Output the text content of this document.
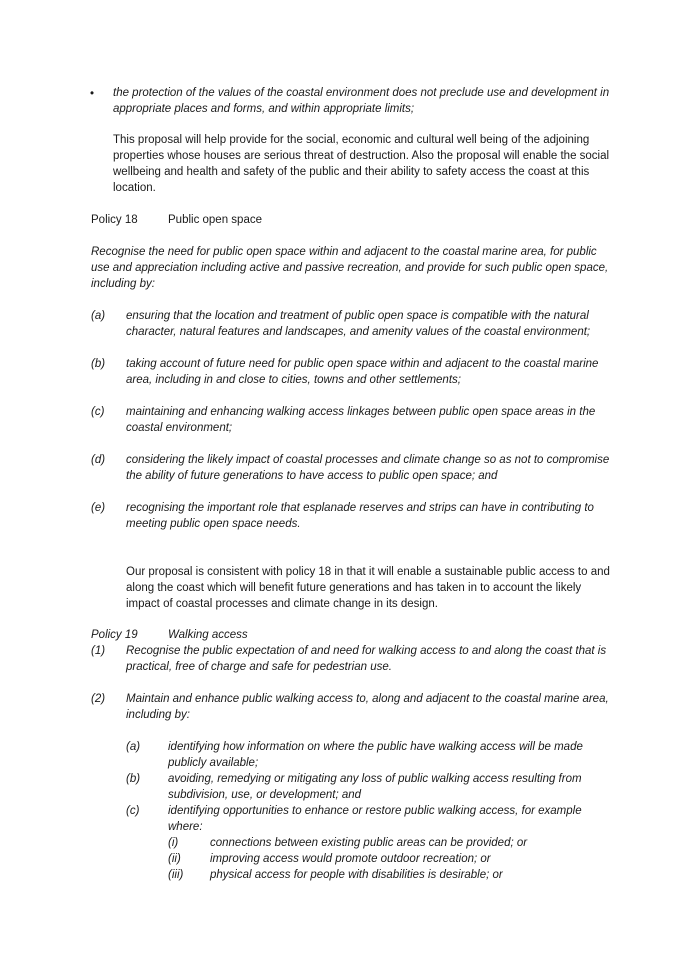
•	the protection of the values of the coastal environment does not preclude use and development in appropriate places and forms, and within appropriate limits;
This proposal will help provide for the social, economic and cultural well being of the adjoining properties whose houses are serious threat of destruction. Also the proposal will enable the social wellbeing and health and safety of the public and their ability to safety access the coast at this location.
Policy 18	Public open space
Recognise the need for public open space within and adjacent to the coastal marine area, for public use and appreciation including active and passive recreation, and provide for such public open space, including by:
(a) ensuring that the location and treatment of public open space is compatible with the natural character, natural features and landscapes, and amenity values of the coastal environment;
(b) taking account of future need for public open space within and adjacent to the coastal marine area, including in and close to cities, towns and other settlements;
(c) maintaining and enhancing walking access linkages between public open space areas in the coastal environment;
(d) considering the likely impact of coastal processes and climate change so as not to compromise the ability of future generations to have access to public open space; and
(e) recognising the important role that esplanade reserves and strips can have in contributing to meeting public open space needs.
Our proposal is consistent with policy 18 in that it will enable a sustainable public access to and along the coast which will benefit future generations and has taken in to account the likely impact of coastal processes and climate change in its design.
Policy 19	Walking access
(1) Recognise the public expectation of and need for walking access to and along the coast that is practical, free of charge and safe for pedestrian use.
(2) Maintain and enhance public walking access to, along and adjacent to the coastal marine area, including by:
(a) identifying how information on where the public have walking access will be made publicly available;
(b) avoiding, remedying or mitigating any loss of public walking access resulting from subdivision, use, or development; and
(c) identifying opportunities to enhance or restore public walking access, for example where:
(i)	connections between existing public areas can be provided; or
(ii)	improving access would promote outdoor recreation; or
(iii) physical access for people with disabilities is desirable; or
